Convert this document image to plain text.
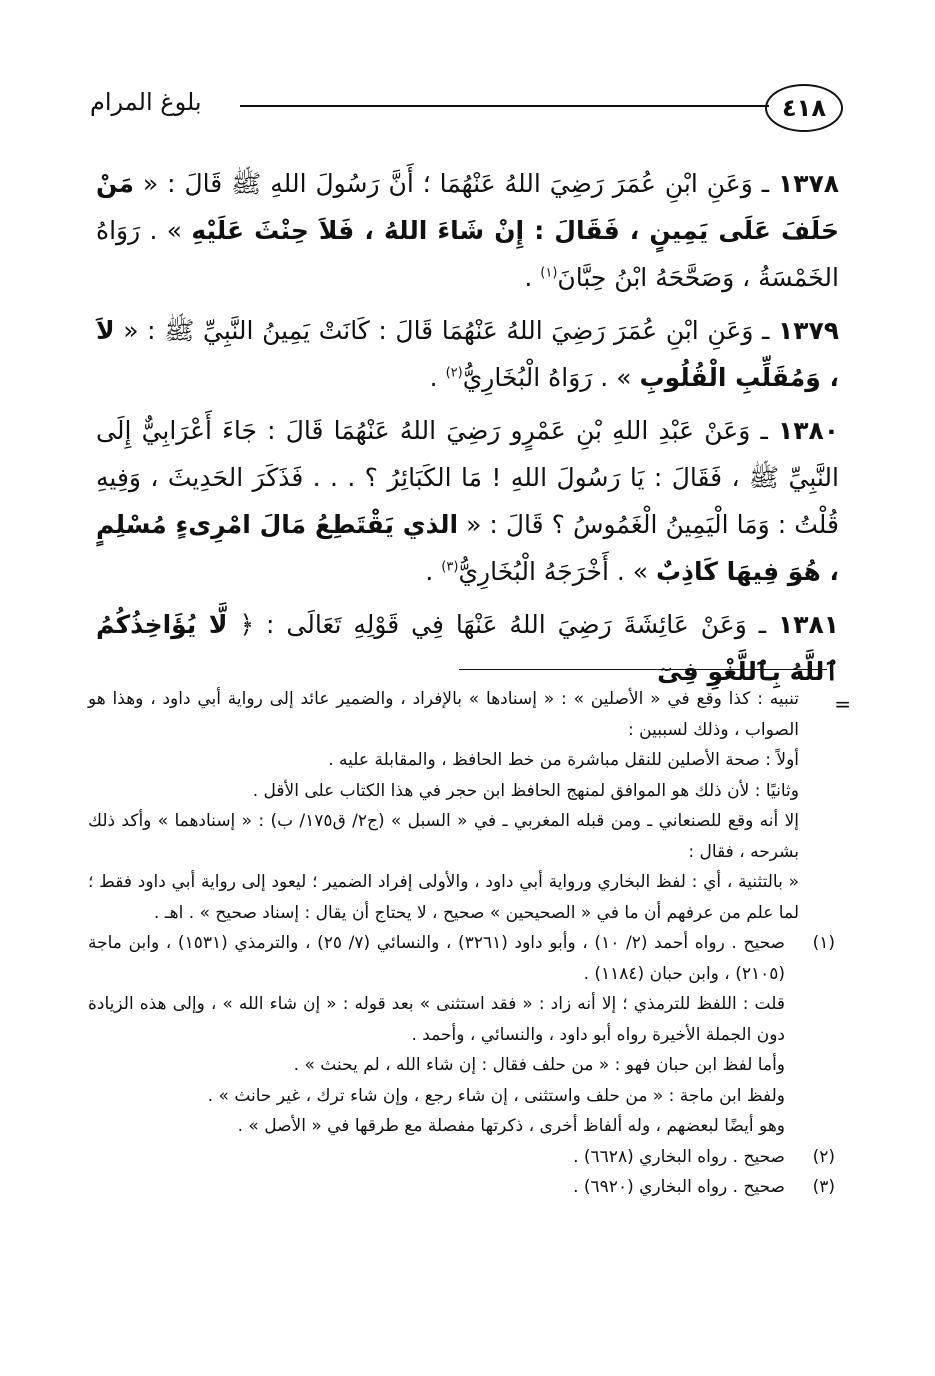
٤١٨
بلوغ المرام

١٣٧٨ ـ وَعَنِ ابْنِ عُمَرَ رَضِيَ اللهُ عَنْهُمَا ؛ أَنَّ رَسُولَ اللهِ ﷺ قَالَ : « مَنْ حَلَفَ عَلَى يَمِينٍ ، فَقَالَ : إِنْ شَاءَ اللهُ ، فَلاَ حِنْثَ عَلَيْهِ » . رَوَاهُ الخَمْسَةُ ، وَصَحَّحَهُ ابْنُ حِبَّانَ$^{(١)}$ .

١٣٧٩ ـ وَعَنِ ابْنِ عُمَرَ رَضِيَ اللهُ عَنْهُمَا قَالَ : كَانَتْ يَمِينُ النَّبِيِّ ﷺ : « لاَ ، وَمُقَلِّبِ الْقُلُوبِ » . رَوَاهُ الْبُخَارِيُّ$^{(٢)}$ .

١٣٨٠ ـ وَعَنْ عَبْدِ اللهِ بْنِ عَمْرٍو رَضِيَ اللهُ عَنْهُمَا قَالَ : جَاءَ أَعْرَابِيٌّ إِلَى النَّبِيِّ ﷺ ، فَقَالَ : يَا رَسُولَ اللهِ ! مَا الكَبَائِرُ ؟ . . . فَذَكَرَ الحَدِيثَ ، وَفِيهِ قُلْتُ : وَمَا الْيَمِينُ الْغَمُوسُ ؟ قَالَ : « الذي يَقْتَطِعُ مَالَ امْرِىءٍ مُسْلِمٍ ، هُوَ فِيهَا كَاذِبٌ » . أَخْرَجَهُ الْبُخَارِيُّ$^{(٣)}$ .

١٣٨١ ـ وَعَنْ عَائِشَةَ رَضِيَ اللهُ عَنْهَا فِي قَوْلِهِ تَعَالَى : ﴿ لَّا يُؤَاخِذُكُمُ ٱللَّهُ بِٱللَّغْوِ فِىٓ

=

تنبيه : كذا وقع في « الأصلين » : « إسنادها » بالإفراد ، والضمير عائد إلى رواية أبي داود ، وهذا هو الصواب ، وذلك لسببين :

أولاً : صحة الأصلين للنقل مباشرة من خط الحافظ ، والمقابلة عليه .

وثانيًا : لأن ذلك هو الموافق لمنهج الحافظ ابن حجر في هذا الكتاب على الأقل .

إلا أنه وقع للصنعاني ـ ومن قبله المغربي ـ في « السبل » (ج٢/ ق١٧٥/ ب) : « إسنادهما » وأكد ذلك بشرحه ، فقال :

« بالتثنية ، أي : لفظ البخاري ورواية أبي داود ، والأولى إفراد الضمير ؛ ليعود إلى رواية أبي داود فقط ؛ لما علم من عرفهم أن ما في « الصحيحين » صحيح ، لا يحتاج أن يقال : إسناد صحيح » . اهـ .

(١)

صحيح . رواه أحمد (٢/ ١٠) ، وأبو داود (٣٢٦١) ، والنسائي (٧/ ٢٥) ، والترمذي (١٥٣١) ، وابن ماجة (٢١٠٥) ، وابن حبان (١١٨٤) .

قلت : اللفظ للترمذي ؛ إلا أنه زاد : « فقد استثنى » بعد قوله : « إن شاء الله » ، وإلى هذه الزيادة دون الجملة الأخيرة رواه أبو داود ، والنسائي ، وأحمد .

وأما لفظ ابن حبان فهو : « من حلف فقال : إن شاء الله ، لم يحنث » .

ولفظ ابن ماجة : « من حلف واستثنى ، إن شاء رجع ، وإن شاء ترك ، غير حانث » .

وهو أيضًا لبعضهم ، وله ألفاظ أخرى ، ذكرتها مفصلة مع طرقها في « الأصل » .

(٢)

صحيح . رواه البخاري (٦٦٢٨) .

(٣)

صحيح . رواه البخاري (٦٩٢٠) .
